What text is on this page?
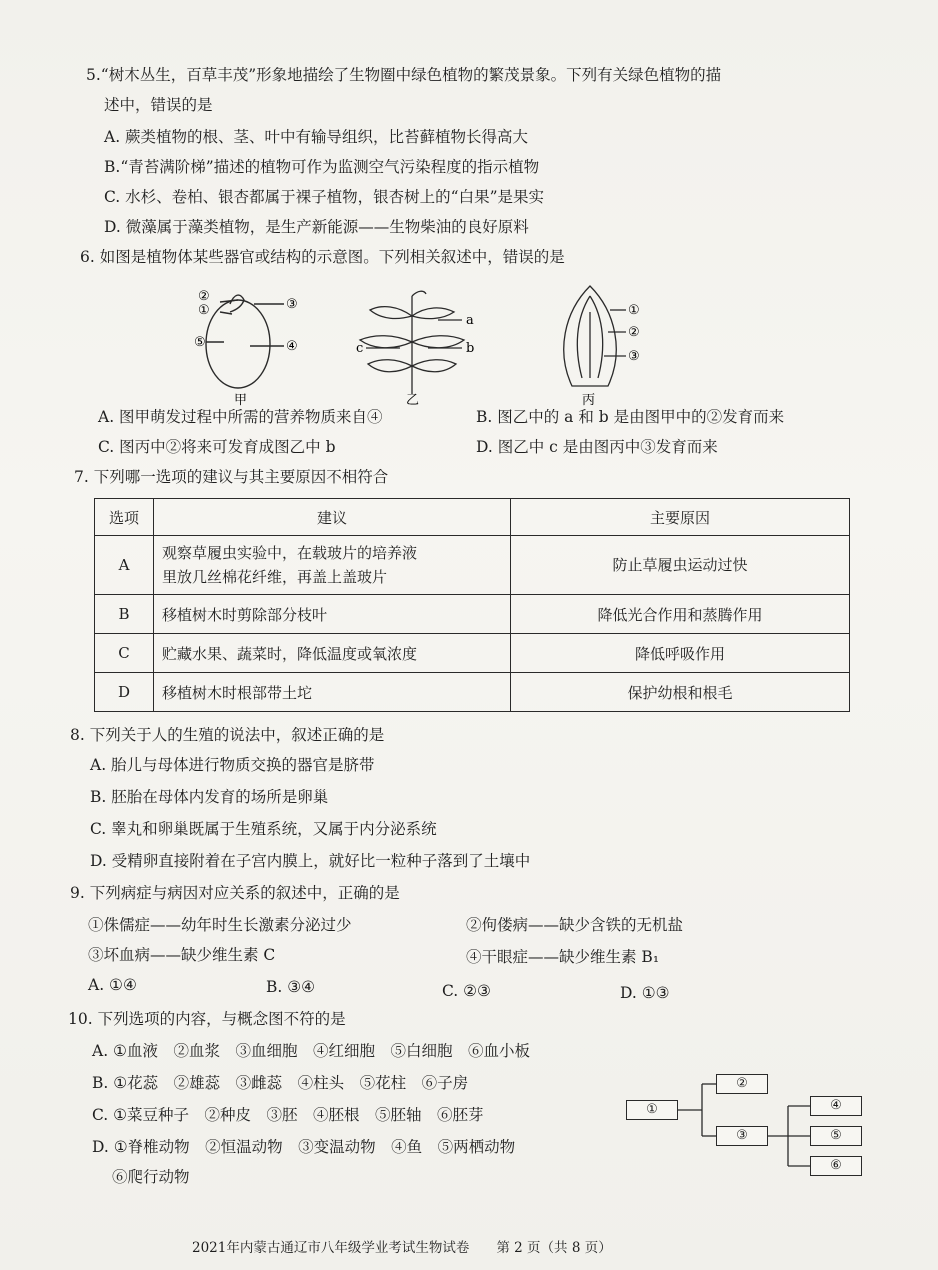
5.“树木丛生，百草丰茂”形象地描绘了生物圈中绿色植物的繁茂景象。下列有关绿色植物的描
述中，错误的是
A. 蕨类植物的根、茎、叶中有输导组织，比苔藓植物长得高大
B.“青苔满阶梯”描述的植物可作为监测空气污染程度的指示植物
C. 水杉、卷柏、银杏都属于裸子植物，银杏树上的“白果”是果实
D. 微藻属于藻类植物，是生产新能源——生物柴油的良好原料
6. 如图是植物体某些器官或结构的示意图。下列相关叙述中，错误的是
②
①
⑤
③
④
甲
a
c	b
乙
①
②
③
丙
A. 图甲萌发过程中所需的营养物质来自④	B. 图乙中的 a 和 b 是由图甲中的②发育而来
C. 图丙中②将来可发育成图乙中 b	D. 图乙中 c 是由图丙中③发育而来
7. 下列哪一选项的建议与其主要原因不相符合
选项	建议	主要原因
A	观察草履虫实验中，在载玻片的培养液
里放几丝棉花纤维，再盖上盖玻片	防止草履虫运动过快
B	移植树木时剪除部分枝叶	降低光合作用和蒸腾作用
C	贮藏水果、蔬菜时，降低温度或氧浓度	降低呼吸作用
D	移植树木时根部带土坨	保护幼根和根毛
8. 下列关于人的生殖的说法中，叙述正确的是
A. 胎儿与母体进行物质交换的器官是脐带
B. 胚胎在母体内发育的场所是卵巢
C. 睾丸和卵巢既属于生殖系统，又属于内分泌系统
D. 受精卵直接附着在子宫内膜上，就好比一粒种子落到了土壤中
9. 下列病症与病因对应关系的叙述中，正确的是
①侏儒症——幼年时生长激素分泌过少	②佝偻病——缺少含铁的无机盐
③坏血病——缺少维生素 C	④干眼症——缺少维生素 B₁
A. ①④	B. ③④	C. ②③	D. ①③
10. 下列选项的内容，与概念图不符的是
A. ①血液　②血浆　③血细胞　④红细胞　⑤白细胞　⑥血小板
B. ①花蕊　②雄蕊　③雌蕊　④柱头　⑤花柱　⑥子房
C. ①菜豆种子　②种皮　③胚　④胚根　⑤胚轴　⑥胚芽
D. ①脊椎动物　②恒温动物　③变温动物　④鱼　⑤两栖动物
⑥爬行动物
①
②
③
④
⑤
⑥
2021年内蒙古通辽市八年级学业考试生物试卷　　第 2 页（共 8 页）
